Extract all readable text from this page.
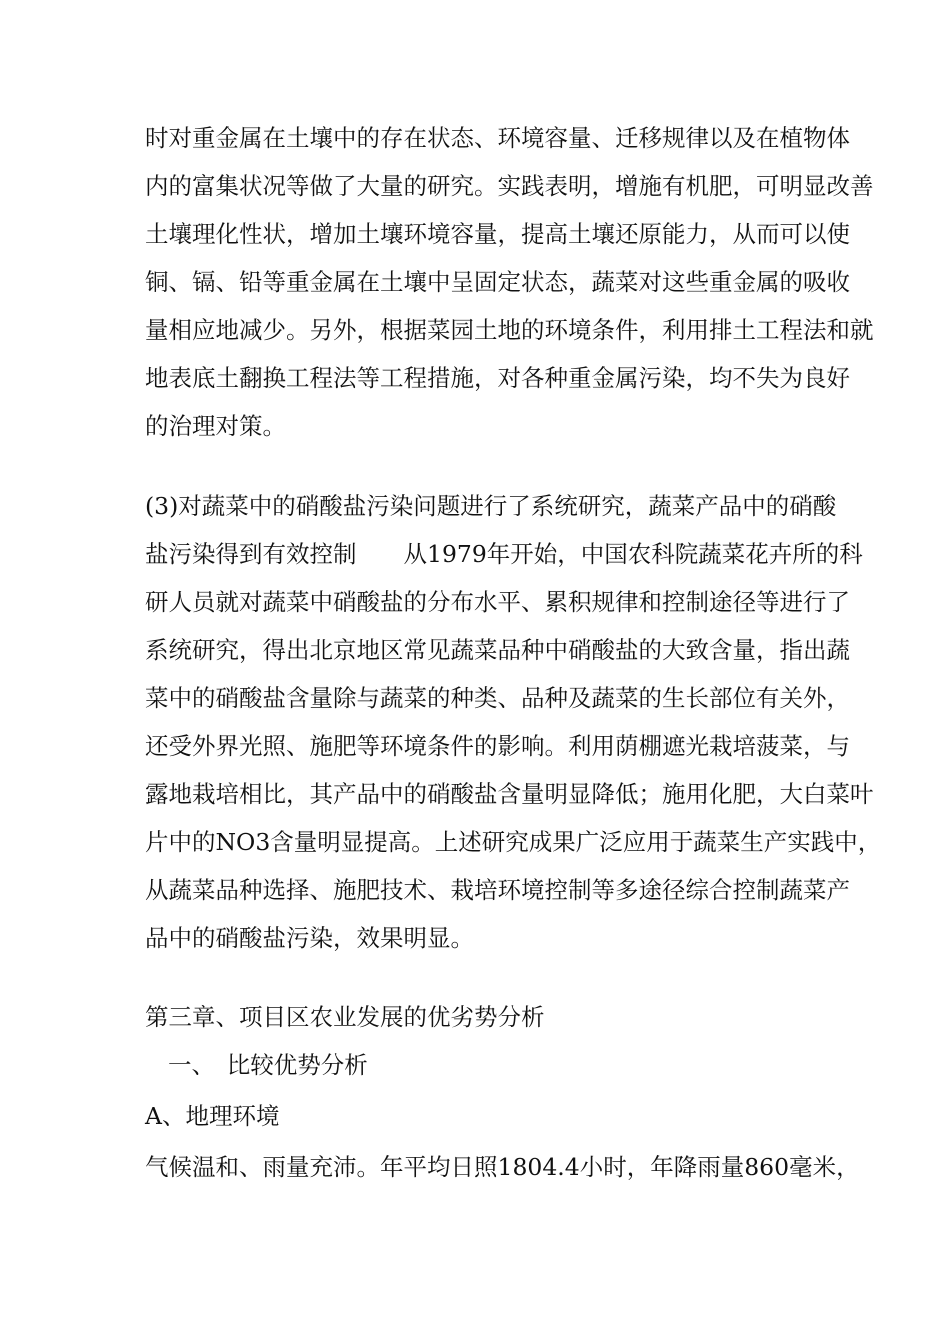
时对重金属在土壤中的存在状态、环境容量、迁移规律以及在植物体
内的富集状况等做了大量的研究。实践表明，增施有机肥，可明显改善
土壤理化性状，增加土壤环境容量，提高土壤还原能力，从而可以使
铜、镉、铅等重金属在土壤中呈固定状态，蔬菜对这些重金属的吸收
量相应地减少。另外，根据菜园土地的环境条件，利用排土工程法和就
地表底土翻换工程法等工程措施，对各种重金属污染，均不失为良好
的治理对策。
(3)对蔬菜中的硝酸盐污染问题进行了系统研究，蔬菜产品中的硝酸
盐污染得到有效控制　　从1979年开始，中国农科院蔬菜花卉所的科
研人员就对蔬菜中硝酸盐的分布水平、累积规律和控制途径等进行了
系统研究，得出北京地区常见蔬菜品种中硝酸盐的大致含量，指出蔬
菜中的硝酸盐含量除与蔬菜的种类、品种及蔬菜的生长部位有关外，
还受外界光照、施肥等环境条件的影响。利用荫棚遮光栽培菠菜，与
露地栽培相比，其产品中的硝酸盐含量明显降低；施用化肥，大白菜叶
片中的NO3含量明显提高。上述研究成果广泛应用于蔬菜生产实践中，
从蔬菜品种选择、施肥技术、栽培环境控制等多途径综合控制蔬菜产
品中的硝酸盐污染，效果明显。
第三章、项目区农业发展的优劣势分析
一、　比较优势分析
A、地理环境
气候温和、雨量充沛。年平均日照1804.4小时，年降雨量860毫米，
